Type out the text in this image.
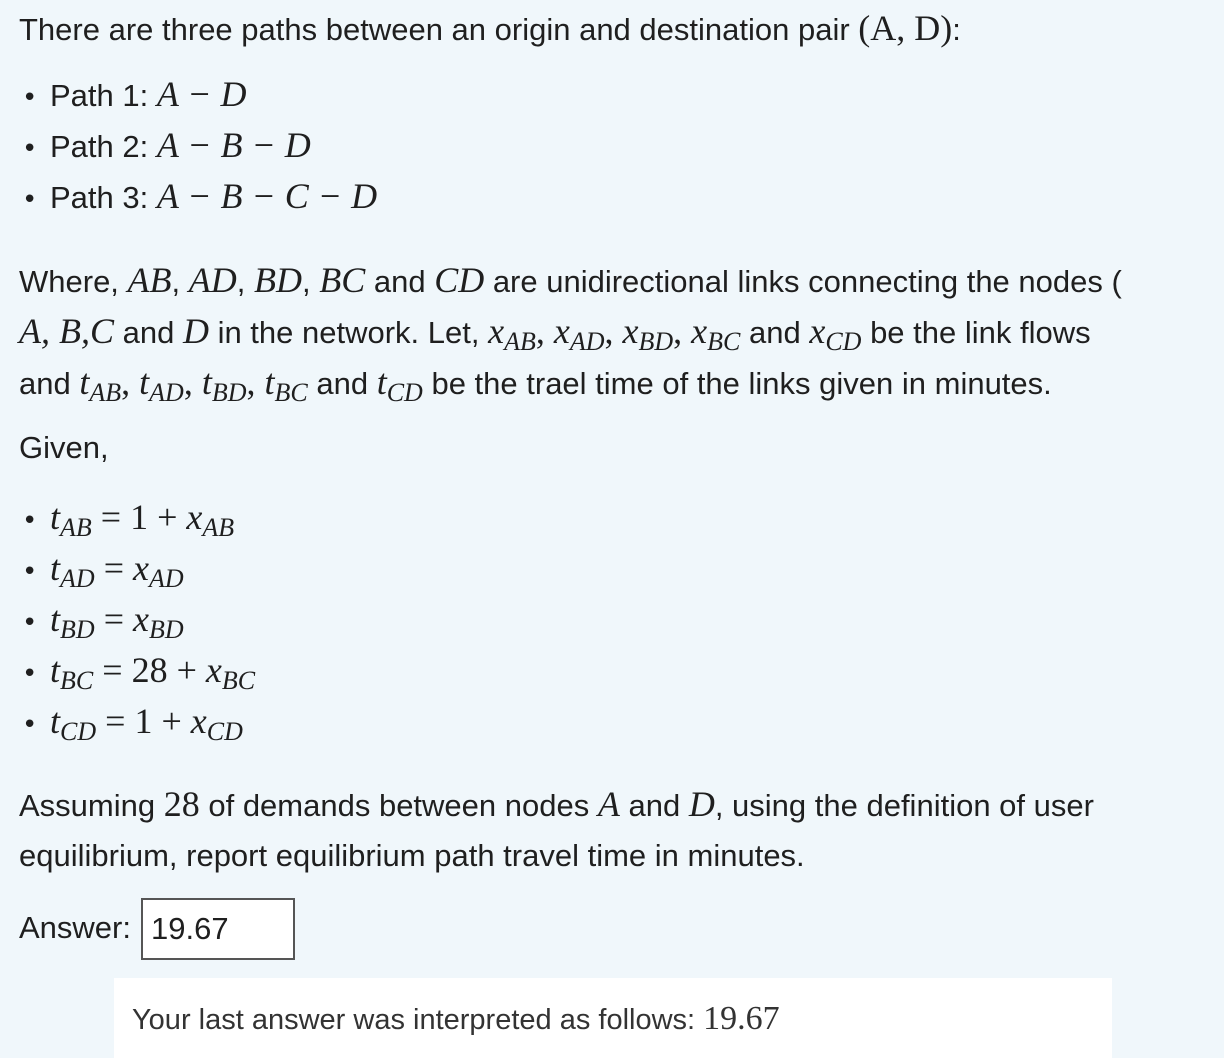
There are three paths between an origin and destination pair (A, D):
• Path 1: A − D
• Path 2: A − B − D
• Path 3: A − B − C − D
Where, AB, AD, BD, BC and CD are unidirectional links connecting the nodes (
A, B,C and D in the network. Let, $x_{AB}$, $x_{AD}$, $x_{BD}$, $x_{BC}$ and $x_{CD}$ be the link flows
and $t_{AB}$, $t_{AD}$, $t_{BD}$, $t_{BC}$ and $t_{CD}$ be the trael time of the links given in minutes.
Given,
• $t_{AB} = 1 + x_{AB}$
• $t_{AD} = x_{AD}$
• $t_{BD} = x_{BD}$
• $t_{BC} = 28 + x_{BC}$
• $t_{CD} = 1 + x_{CD}$
Assuming 28 of demands between nodes A and D, using the definition of user
equilibrium, report equilibrium path travel time in minutes.
Answer:
19.67
Your last answer was interpreted as follows: 19.67
